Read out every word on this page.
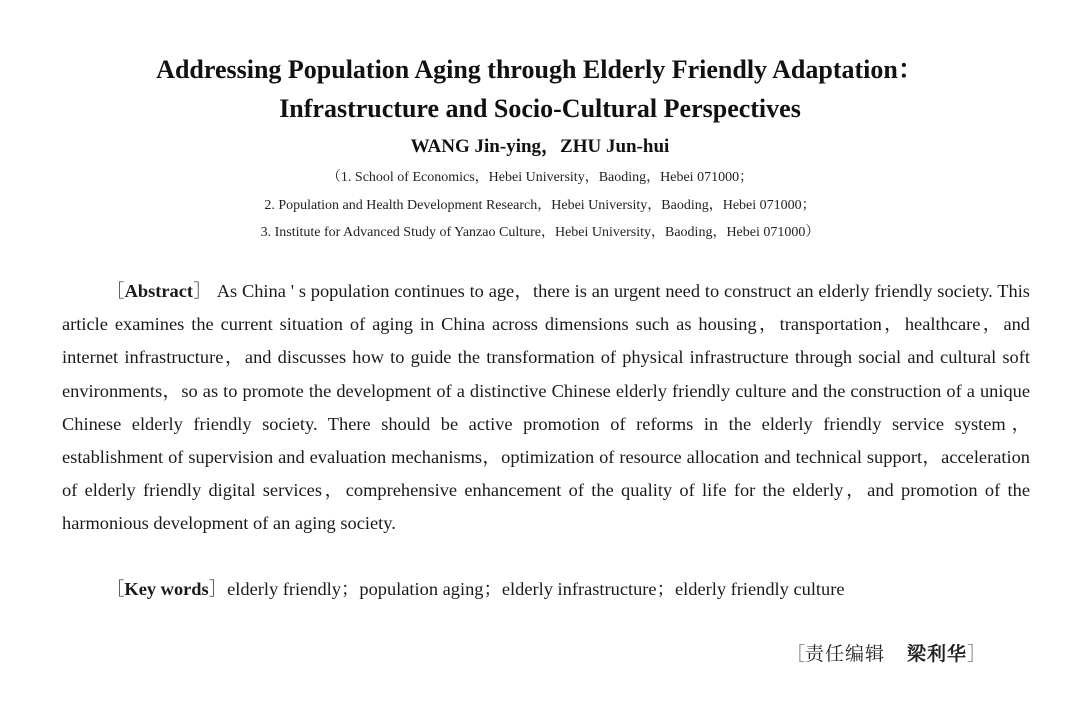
Addressing Population Aging through Elderly Friendly Adaptation：
Infrastructure and Socio-Cultural Perspectives
WANG Jin-ying，ZHU Jun-hui
（1. School of Economics，Hebei University，Baoding，Hebei 071000；
2. Population and Health Development Research，Hebei University，Baoding，Hebei 071000；
3. Institute for Advanced Study of Yanzao Culture，Hebei University，Baoding，Hebei 071000）

［Abstract］ As China ' s population continues to age，there is an urgent need to construct an elderly friendly society. This article examines the current situation of aging in China across dimensions such as housing，transportation，healthcare，and internet infrastructure，and discusses how to guide the transformation of physical infrastructure through social and cultural soft environments，so as to promote the development of a distinctive Chinese elderly friendly culture and the construction of a unique Chinese elderly friendly society. There should be active promotion of reforms in the elderly friendly service system，establishment of supervision and evaluation mechanisms，optimization of resource allocation and technical support，acceleration of elderly friendly digital services，comprehensive enhancement of the quality of life for the elderly，and promotion of the harmonious development of an aging society.

［Key words］elderly friendly；population aging；elderly infrastructure；elderly friendly culture

［责任编辑 梁利华］
